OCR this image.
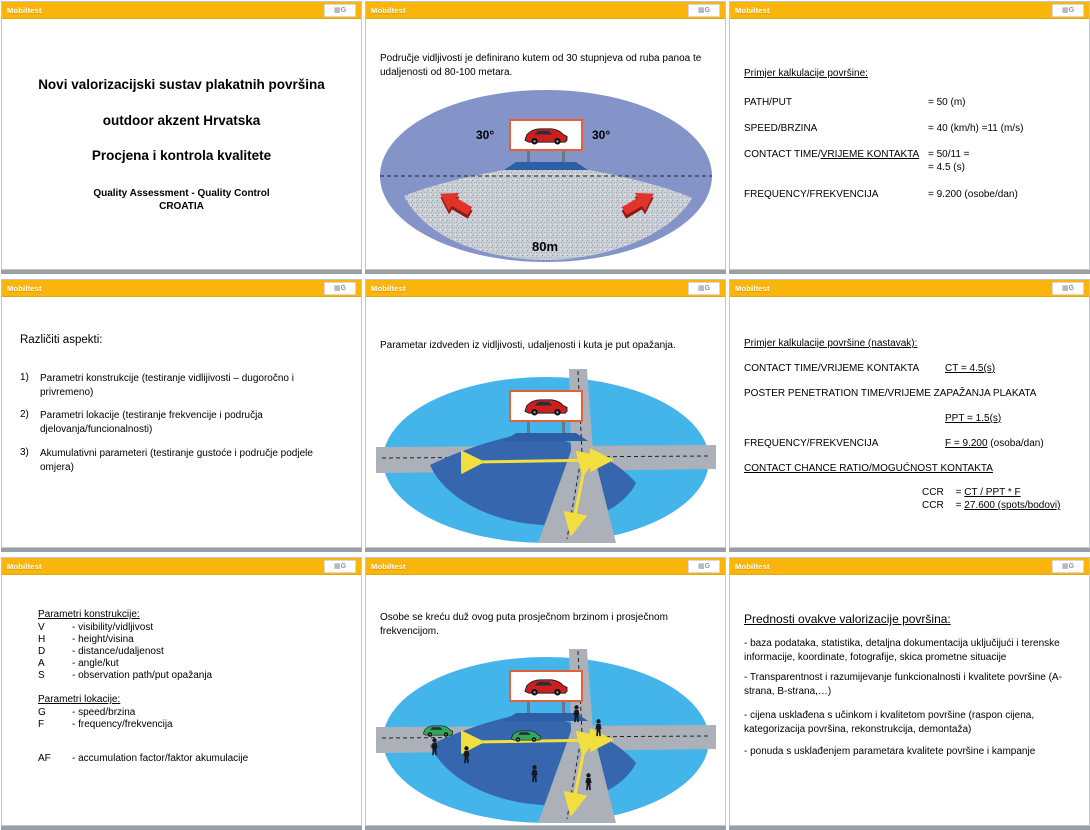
Mobiltest	▦G
Novi valorizacijski sustav plakatnih površina
outdoor akzent Hrvatska
Procjena i kontrola kvalitete
Quality Assessment - Quality Control
CROATIA
Mobiltest	▦G
Područje vidljivosti je definirano kutem od 30 stupnjeva od ruba panoa te udaljenosti od 80-100 metara.
30°	30°
80m
Mobiltest	▦G
Primjer kalkulacije površine:
PATH/PUT	= 50 (m)
SPEED/BRZINA	= 40 (km/h) =11 (m/s)
CONTACT TIME/VRIJEME KONTAKTA = 50/11 =
= 4.5 (s)
FREQUENCY/FREKVENCIJA	= 9.200 (osobe/dan)
Mobiltest	▦G
Različiti aspekti:
1) Parametri konstrukcije (testiranje vidlijivosti – dugoročno i privremeno)
2) Parametri lokacije (testiranje frekvencije i područja djelovanja/funcionalnosti)
3) Akumulativni parameteri (testiranje gustoće i područje podjele omjera)
Mobiltest	▦G
Parametar izdveden iz vidljivosti, udaljenosti i kuta je put opažanja.
Mobiltest	▦G
Primjer kalkulacije površine (nastavak):
CONTACT TIME/VRIJEME KONTAKTA	CT = 4.5(s)
POSTER PENETRATION TIME/VRIJEME ZAPAŽANJA PLAKATA
PPT = 1.5(s)
FREQUENCY/FREKVENCIJA	F = 9.200 (osoba/dan)
CONTACT CHANCE RATIO/MOGUĆNOST KONTAKTA
CCR = CT / PPT * F
CCR = 27.600 (spots/bodovi)
Mobiltest	▦G
Parametri konstrukcije:
V	- visibility/vidljivost
H	- height/visina
D	- distance/udaljenost
A	- angle/kut
S	- observation path/put opažanja
Parametri lokacije:
G	- speed/brzina
F	- frequency/frekvencija
AF - accumulation factor/faktor akumulacije
Mobiltest	▦G
Osobe se kreću duž ovog puta prosječnom brzinom i prosječnom frekvencijom.
Mobiltest	▦G
Prednosti ovakve valorizacije površina:
- baza podataka, statistika, detaljna dokumentacija uključijući i terenske informacije, koordinate, fotografije, skica prometne situacije
- Transparentnost i razumijevanje funkcionalnosti i kvalitete površine (A-strana, B-strana,…)
- cijena usklađena s učinkom i kvalitetom površine (raspon cijena, kategorizacija površina, rekonstrukcija, demontaža)
- ponuda s usklađenjem parametara kvalitete površine i kampanje
